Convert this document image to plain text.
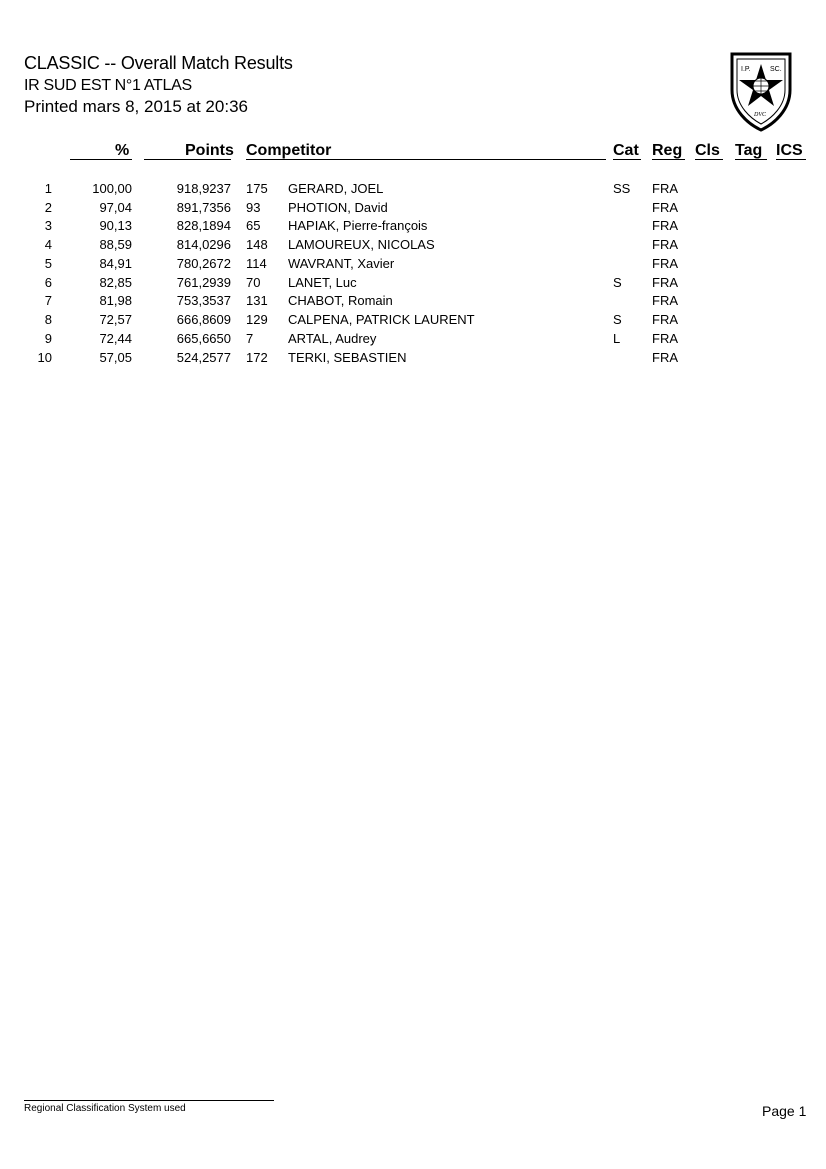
CLASSIC -- Overall Match Results
IR SUD EST N°1 ATLAS
Printed mars 8, 2015 at 20:36
I.P.	SC.
DVC
%	Points Competitor	Cat Reg Cls Tag ICS
1	100,00	918,9237 175 GERARD, JOEL	SS FRA
2	97,04	891,7356 93 PHOTION, David	FRA
3	90,13	828,1894 65 HAPIAK, Pierre-françois	FRA
4	88,59	814,0296 148 LAMOUREUX, NICOLAS	FRA
5	84,91	780,2672 114 WAVRANT, Xavier	FRA
6	82,85	761,2939 70 LANET, Luc	S FRA
7	81,98	753,3537 131 CHABOT, Romain	FRA
8	72,57	666,8609 129 CALPENA, PATRICK LAURENT	S FRA
9	72,44	665,6650 7	ARTAL, Audrey	L FRA
10	57,05	524,2577 172 TERKI, SEBASTIEN	FRA
Regional Classification System used	Page 1
